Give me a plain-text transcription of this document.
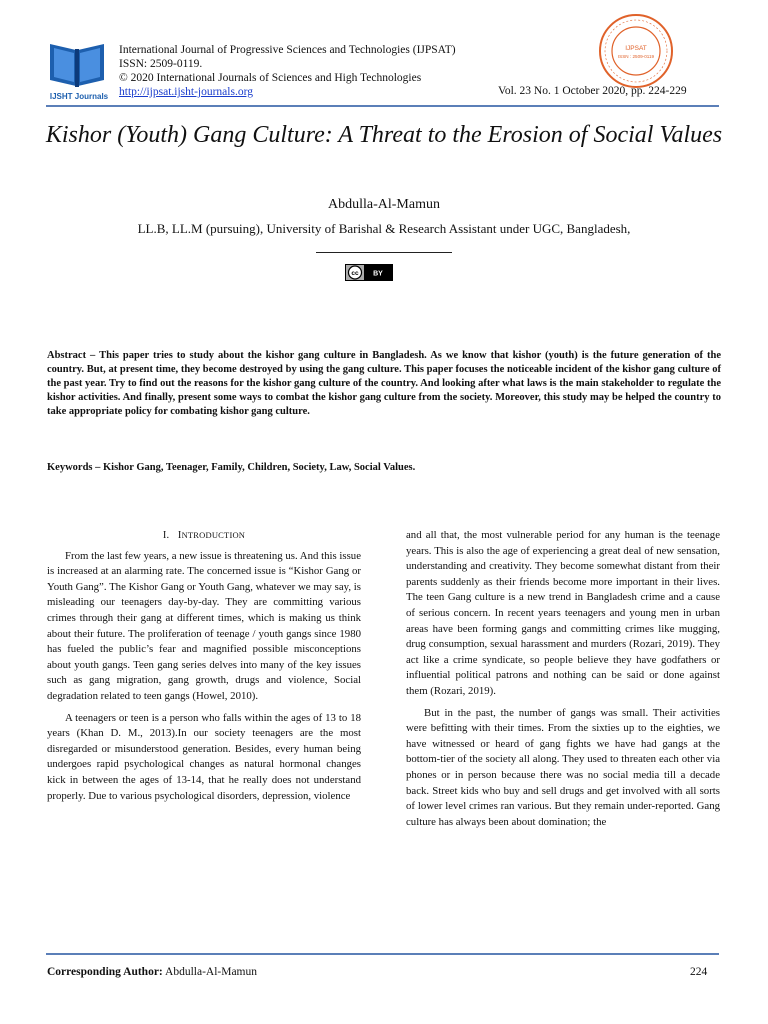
IJSHT Journals
International Journal of Progressive Sciences and Technologies (IJPSAT)
ISSN: 2509-0119.
© 2020 International Journals of Sciences and High Technologies
http://ijpsat.ijsht-journals.org	Vol. 23 No. 1 October 2020, pp. 224-229
IJPSAT
ISSN : 2509-0119
Kishor (Youth) Gang Culture: A Threat to the Erosion of Social Values
Abdulla-Al-Mamun
LL.B, LL.M (pursuing), University of Barishal & Research Assistant under UGC, Bangladesh,
cc BY
Abstract – This paper tries to study about the kishor gang culture in Bangladesh. As we know that kishor (youth) is the future generation of the country. But, at present time, they become destroyed by using the gang culture. This paper focuses the noticeable incident of the kishor gang culture of the past year. Try to find out the reasons for the kishor gang culture of the country. And looking after what laws is the main stakeholder to regulate the kishor activities. And finally, present some ways to combat the kishor gang culture from the society. Moreover, this study may be helped the country to take appropriate policy for combating kishor gang culture.
Keywords – Kishor Gang, Teenager, Family, Children, Society, Law, Social Values.
I. INTRODUCTION

From the last few years, a new issue is threatening us. And this issue is increased at an alarming rate. The concerned issue is “Kishor Gang or Youth Gang”. The Kishor Gang or Youth Gang, whatever we may say, is misleading our teenagers day-by-day. They are committing various crimes through their gang at different times, which is making us think about their future. The proliferation of teenage / youth gangs since 1980 has fueled the public’s fear and magnified possible misconceptions about youth gangs. Teen gang series delves into many of the key issues such as gang migration, gang growth, drugs and violence, Social degradation related to teen gangs (Howel, 2010).

A teenagers or teen is a person who falls within the ages of 13 to 18 years (Khan D. M., 2013).In our society teenagers are the most disregarded or misunderstood generation. Besides, every human being undergoes rapid psychological changes as natural hormonal changes kick in between the ages of 13-14, that he really does not understand properly. Due to various psychological disorders, depression, violence

and all that, the most vulnerable period for any human is the teenage years. This is also the age of experiencing a great deal of new sensation, understanding and creativity. They become somewhat distant from their parents suddenly as their friends become more important in their lives. The teen Gang culture is a new trend in Bangladesh crime and a cause of serious concern. In recent years teenagers and young men in urban areas have been forming gangs and committing crimes like mugging, drug consumption, sexual harassment and murders (Rozari, 2019). They act like a crime syndicate, so people believe they have godfathers or influential political patrons and nothing can be said or done against them (Rozari, 2019).

But in the past, the number of gangs was small. Their activities were befitting with their times. From the sixties up to the eighties, we have witnessed or heard of gang fights we have had gangs at the bottom-tier of the society all along. They used to threaten each other via phones or in person because there was no social media till a decade back. Street kids who buy and sell drugs and get involved with all sorts of lower level crimes ran various. But they remain under-reported. Gang culture has always been about domination; the

Corresponding Author: Abdulla-Al-Mamun	224
